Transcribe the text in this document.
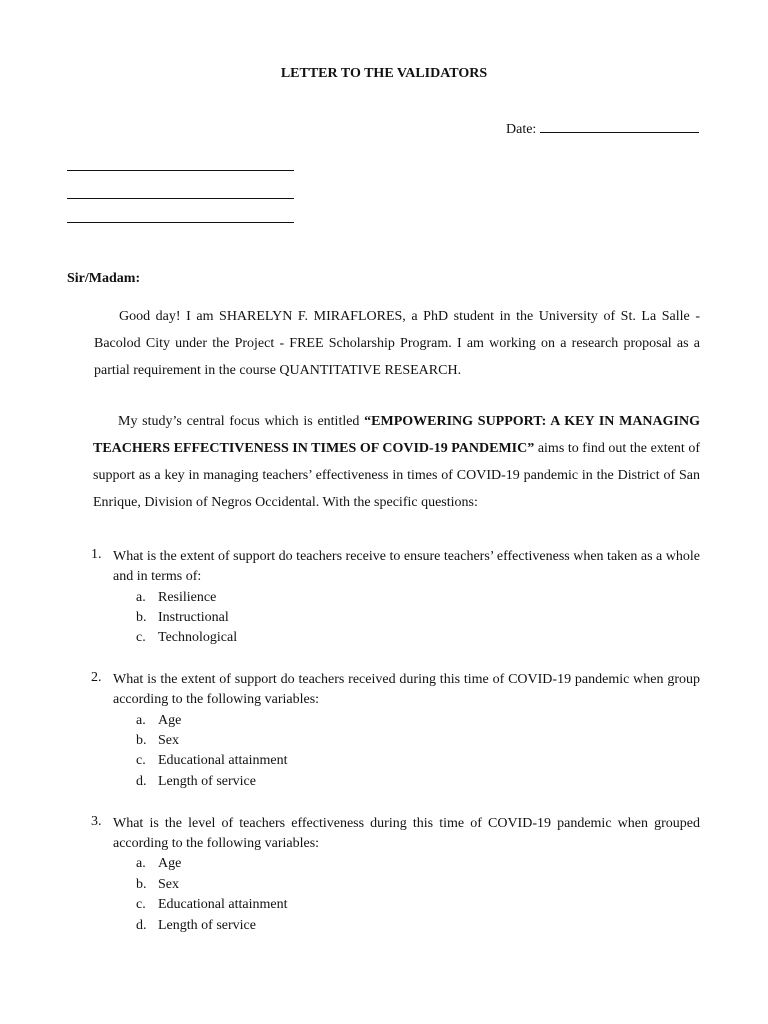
LETTER TO THE VALIDATORS
Date:
Sir/Madam:
Good day! I am SHARELYN F. MIRAFLORES, a PhD student in the University of St. La Salle - Bacolod City under the Project - FREE Scholarship Program. I am working on a research proposal as a partial requirement in the course QUANTITATIVE RESEARCH.
My study’s central focus which is entitled “EMPOWERING SUPPORT: A KEY IN MANAGING TEACHERS EFFECTIVENESS IN TIMES OF COVID-19 PANDEMIC” aims to find out the extent of support as a key in managing teachers’ effectiveness in times of COVID-19 pandemic in the District of San Enrique, Division of Negros Occidental. With the specific questions:
1. What is the extent of support do teachers receive to ensure teachers’ effectiveness when taken as a whole and in terms of:
a. Resilience
b. Instructional
c. Technological
2. What is the extent of support do teachers received during this time of COVID-19 pandemic when group according to the following variables:
a. Age
b. Sex
c. Educational attainment
d. Length of service
3. What is the level of teachers effectiveness during this time of COVID-19 pandemic when grouped according to the following variables:
a. Age
b. Sex
c. Educational attainment
d. Length of service
